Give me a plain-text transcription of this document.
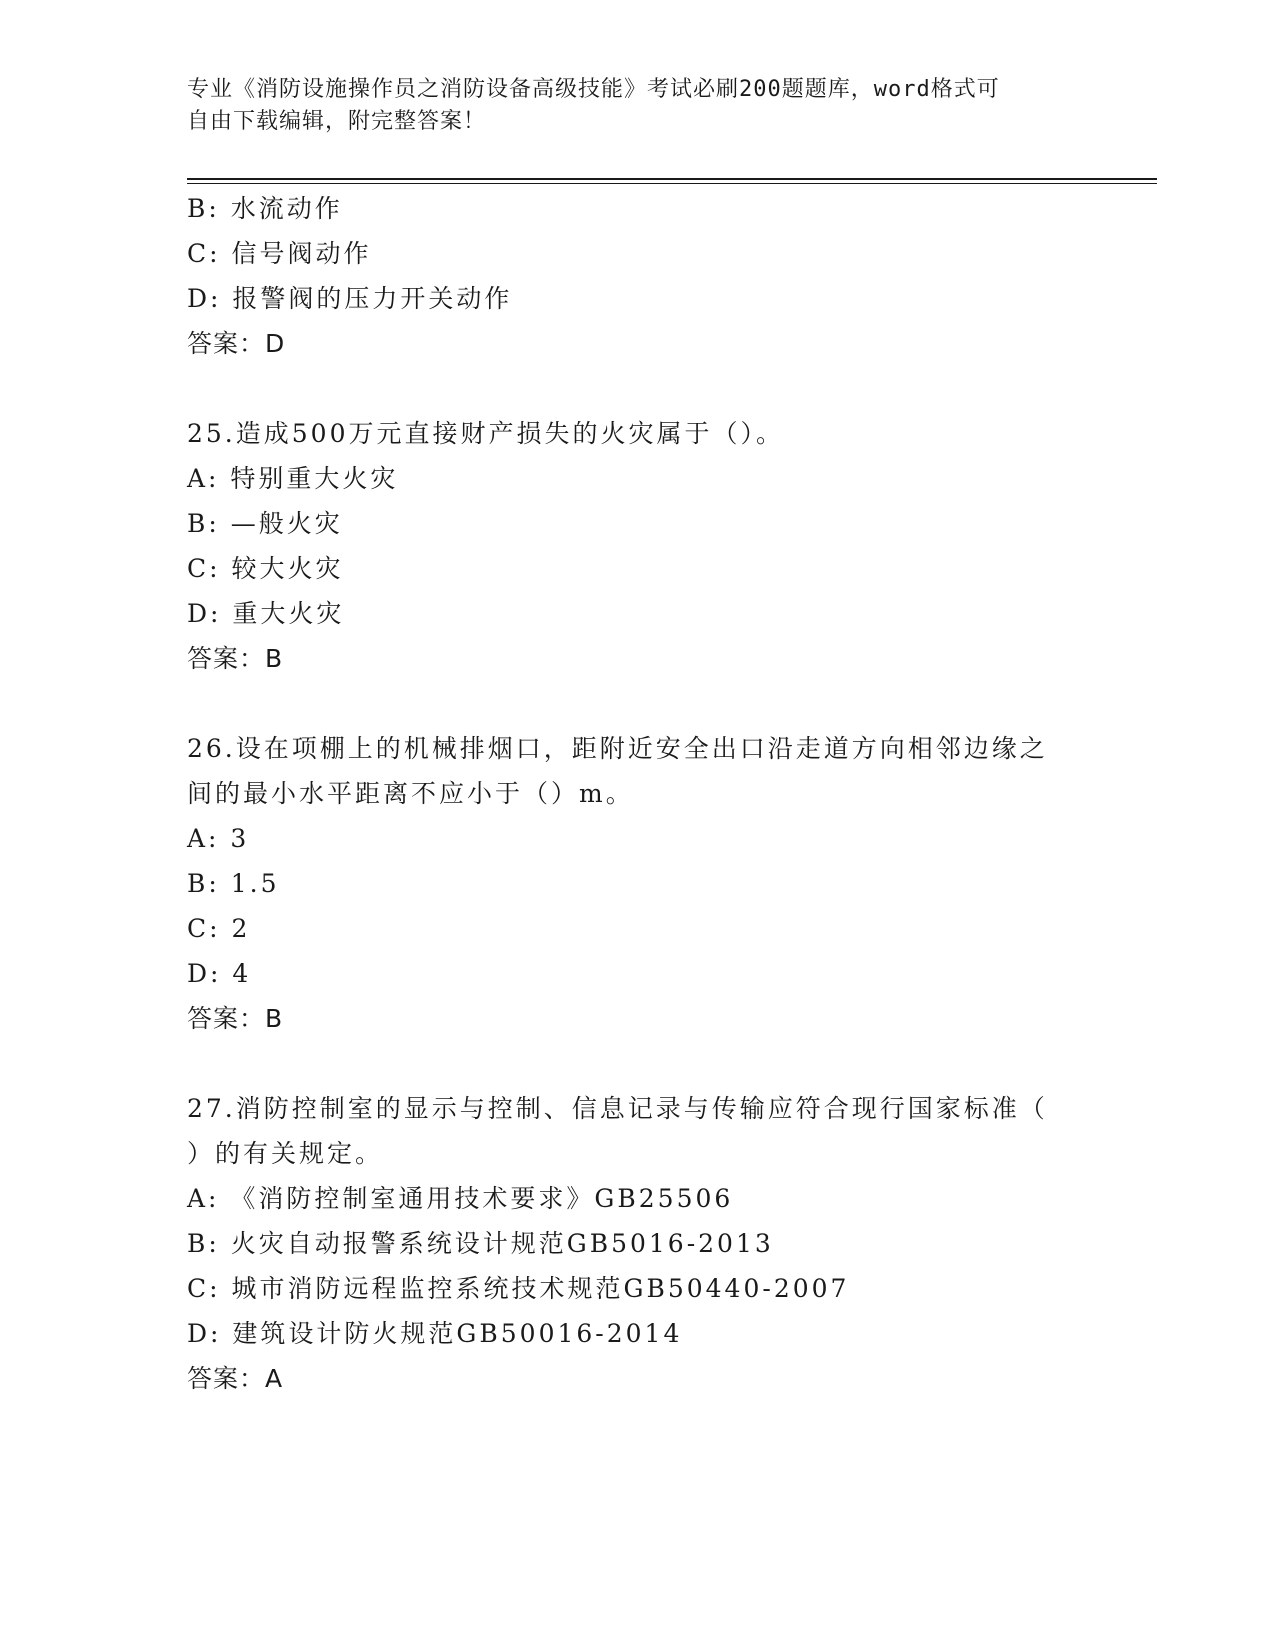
专业《消防设施操作员之消防设备高级技能》考试必刷200题题库，word格式可
自由下载编辑，附完整答案！
B: 水流动作
C: 信号阀动作
D: 报警阀的压力开关动作
答案：D
25.造成500万元直接财产损失的火灾属于（）。
A: 特别重大火灾
B: —般火灾
C: 较大火灾
D: 重大火灾
答案：B
26.设在项棚上的机械排烟口，距附近安全出口沿走道方向相邻边缘之
间的最小水平距离不应小于（）m。
A: 3
B: 1.5
C: 2
D: 4
答案：B
27.消防控制室的显示与控制、信息记录与传输应符合现行国家标准（
）的有关规定。
A: 《消防控制室通用技术要求》GB25506
B: 火灾自动报警系统设计规范GB5016-2013
C: 城市消防远程监控系统技术规范GB50440-2007
D: 建筑设计防火规范GB50016-2014
答案：A
